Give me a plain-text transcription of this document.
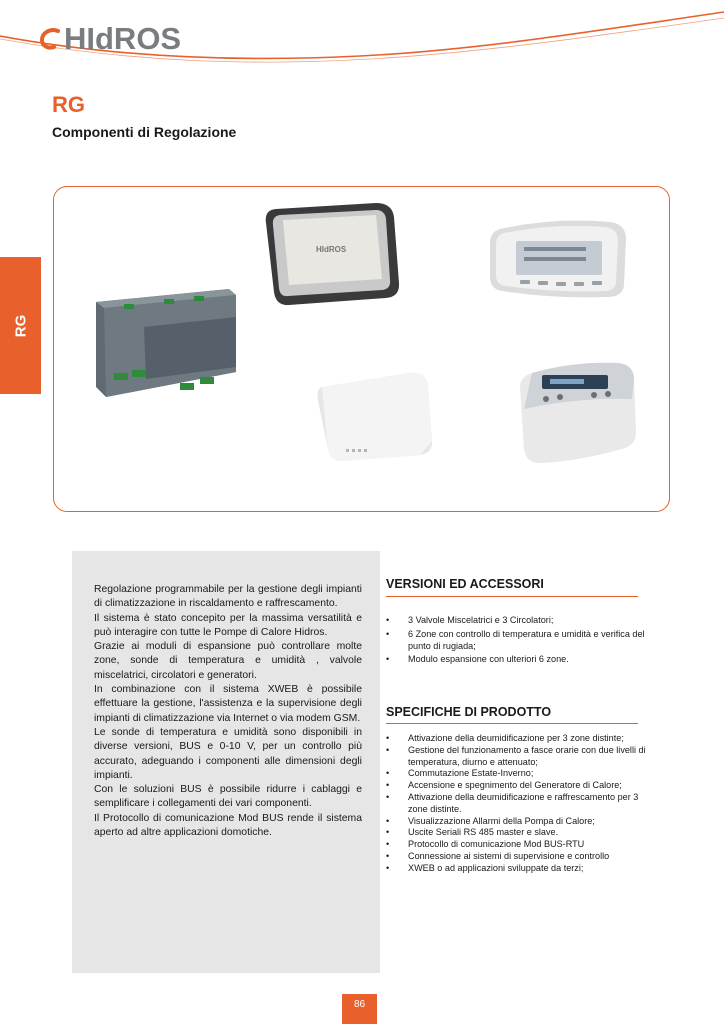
HIdROS
RG
Componenti di Regolazione
RG
HIdROS

Regolazione programmabile per la gestione degli impianti di climatizzazione in riscaldamento e raffrescamento.

Il sistema è stato concepito per la massima versatilità e può interagire con tutte le Pompe di Calore Hidros.

Grazie ai moduli di espansione può controllare molte zone, sonde di temperatura e umidità , valvole miscelatrici, circolatori e generatori.

In combinazione con il sistema XWEB è possibile effettuare la gestione, l'assistenza e la supervisione degli impianti di climatizzazione via Internet o via modem GSM.

Le sonde di temperatura e umidità sono disponibili in diverse versioni, BUS e 0-10 V, per un controllo più accurato, adeguando i componenti alle dimensioni degli impianti.

Con le soluzioni BUS è possibile ridurre i cablaggi e semplificare i collegamenti dei vari componenti.

Il Protocollo di comunicazione Mod BUS rende il sistema aperto ad altre applicazioni domotiche.

VERSIONI ED ACCESSORI
• 3 Valvole Miscelatrici e 3 Circolatori;
• 6 Zone con controllo di temperatura e umidità e verifica del punto di rugiada;
• Modulo espansione con ulteriori 6 zone.
SPECIFICHE DI PRODOTTO
• Attivazione della deumidificazione per 3 zone distinte;
• Gestione del funzionamento a fasce orarie con due livelli di temperatura, diurno e attenuato;
• Commutazione Estate-Inverno;
• Accensione e spegnimento del Generatore di Calore;
• Attivazione della deumidificazione e raffrescamento per 3 zone distinte.
• Visualizzazione Allarmi della Pompa di Calore;
• Uscite Seriali RS 485 master e slave.
• Protocollo di comunicazione Mod BUS-RTU
• Connessione ai sistemi di supervisione e controllo
• XWEB o ad applicazioni sviluppate da terzi;
86
